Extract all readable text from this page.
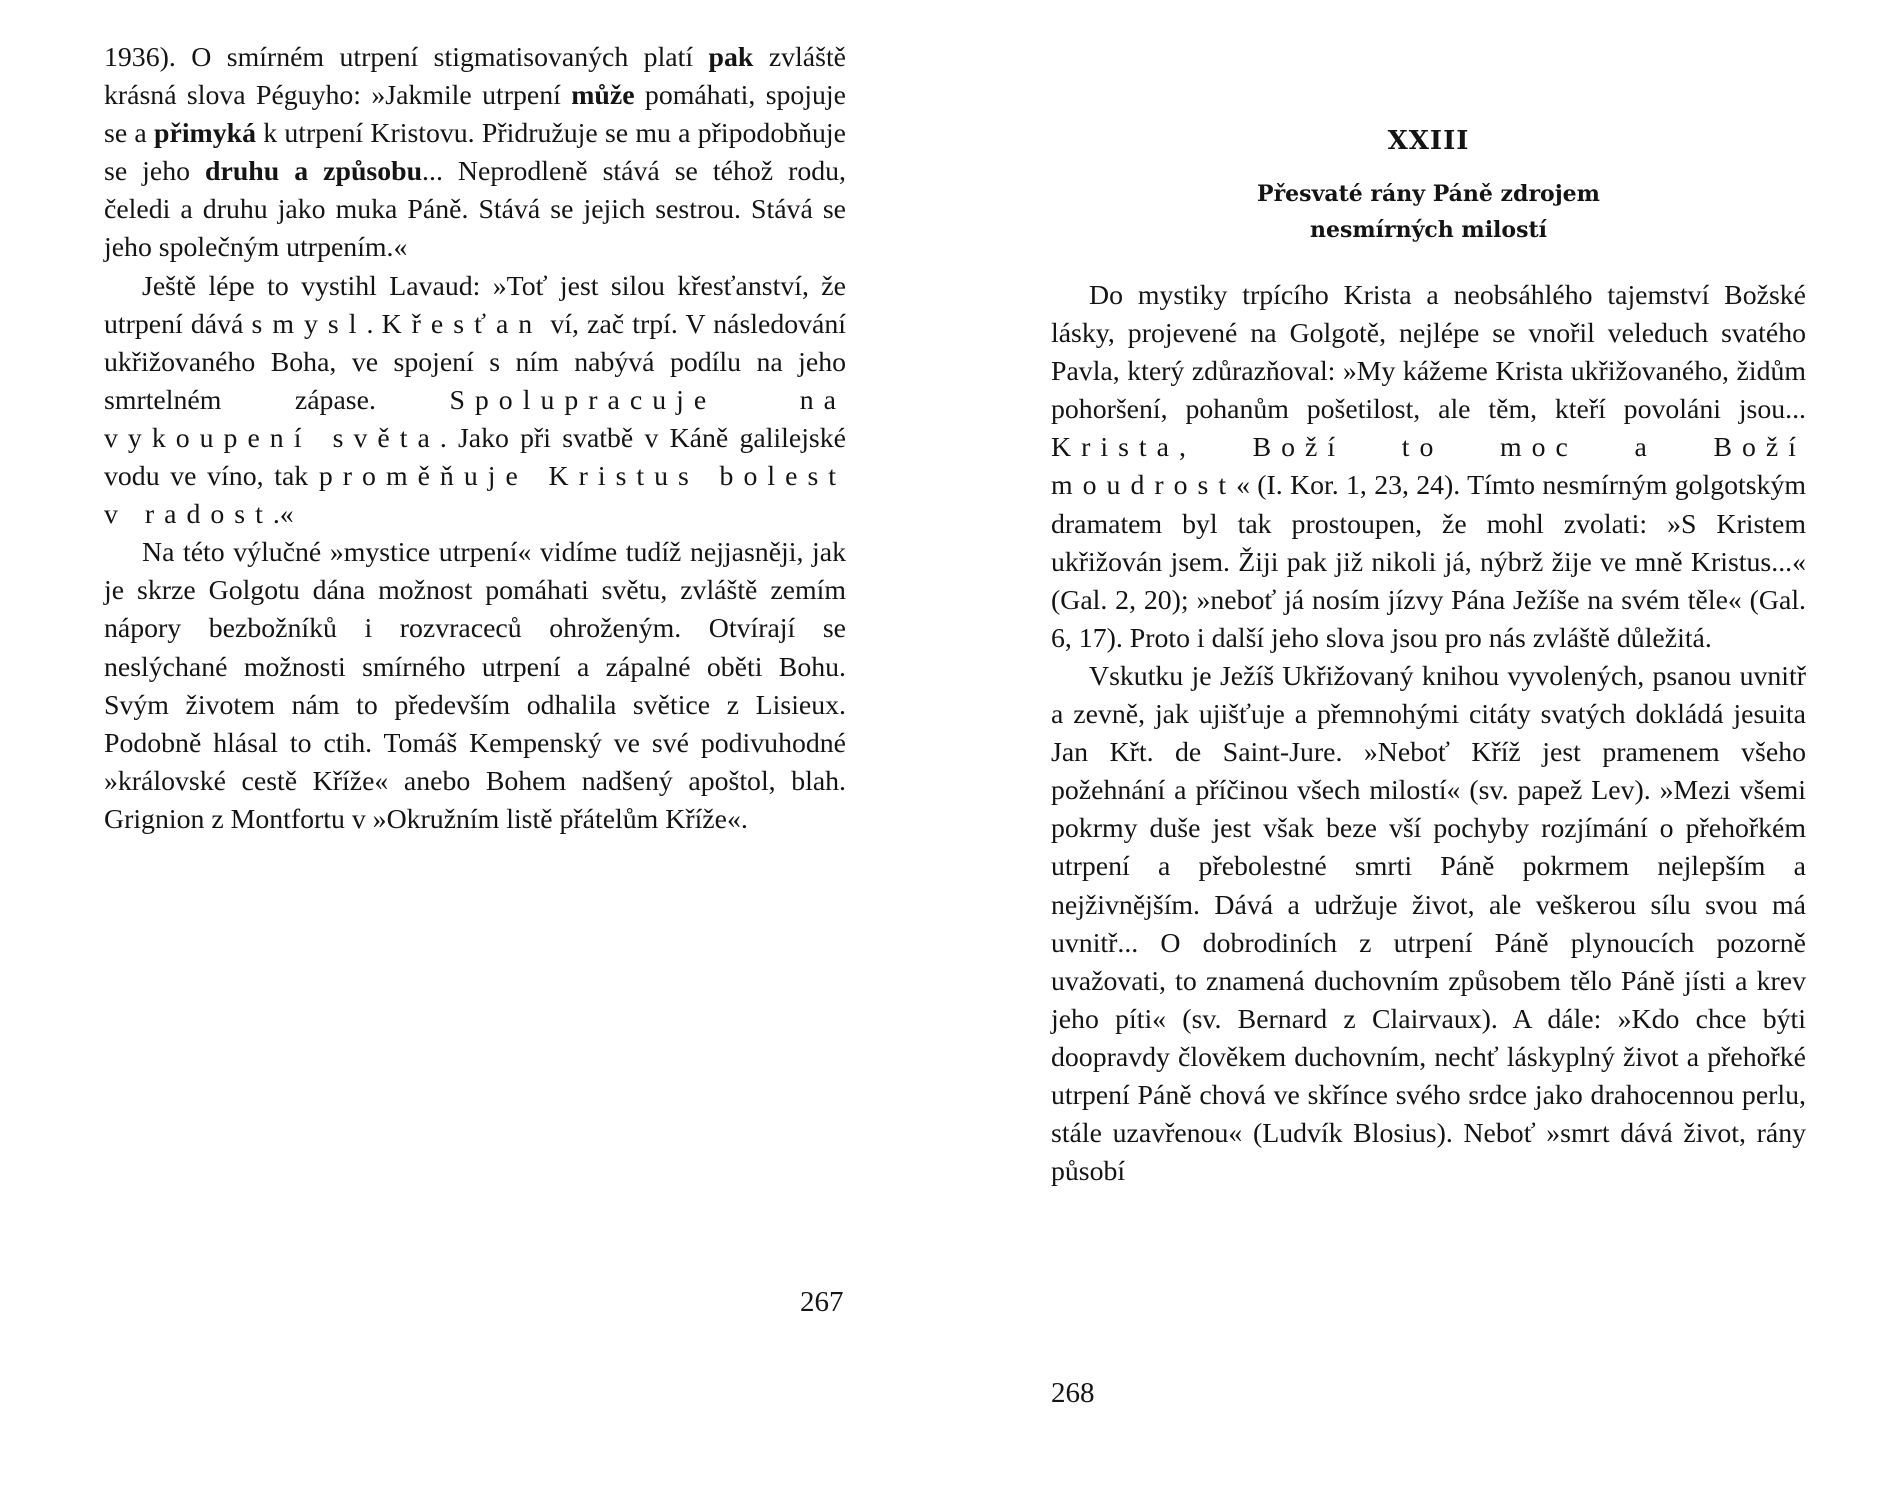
1936). O smírném utrpení stigmatisovaných platí pak zvláště krásná slova Péguyho: »Jakmile utrpení může pomáhati, spojuje se a přimyká k utrpení Kristovu. Přidružuje se mu a připodobňuje se jeho druhu a způsobu... Neprodleně stává se téhož rodu, čeledi a druhu jako muka Páně. Stává se jejich sestrou. Stává se jeho společným utrpením.«

Ještě lépe to vystihl Lavaud: »Toť jest silou křesťanství, že utrpení dává smysl. Křesťan ví, zač trpí. V následování ukřižovaného Boha, ve spojení s ním nabývá podílu na jeho smrtelném zápase. Spolupracuje na vykoupení světa. Jako při svatbě v Káně galilejské vodu ve víno, tak proměňuje Kristus bolest v radost.«

Na této výlučné »mystice utrpení« vidíme tudíž nejjasněji, jak je skrze Golgotu dána možnost pomáhati světu, zvláště zemím nápory bezbožníků i rozvraceců ohroženým. Otvírají se neslýchané možnosti smírného utrpení a zápalné oběti Bohu. Svým životem nám to především odhalila světice z Lisieux. Podobně hlásal to ctih. Tomáš Kempenský ve své podivuhodné »královské cestě Kříže« anebo Bohem nadšený apoštol, blah. Grignion z Montfortu v »Okružním listě přátelům Kříže«.

267
XXIII
Přesvaté rány Páně zdrojem
nesmírných milostí

Do mystiky trpícího Krista a neobsáhlého tajemství Božské lásky, projevené na Golgotě, nejlépe se vnořil veleduch svatého Pavla, který zdůrazňoval: »My kážeme Krista ukřižovaného, židům pohoršení, pohanům pošetilost, ale těm, kteří povoláni jsou... Krista, Boží to moc a Boží moudrost« (I. Kor. 1, 23, 24). Tímto nesmírným golgotským dramatem byl tak prostoupen, že mohl zvolati: »S Kristem ukřižován jsem. Žiji pak již nikoli já, nýbrž žije ve mně Kristus...« (Gal. 2, 20); »neboť já nosím jízvy Pána Ježíše na svém těle« (Gal. 6, 17). Proto i další jeho slova jsou pro nás zvláště důležitá.

Vskutku je Ježíš Ukřižovaný knihou vyvolených, psanou uvnitř a zevně, jak ujišťuje a přemnohými citáty svatých dokládá jesuita Jan Křt. de Saint-Jure. »Neboť Kříž jest pramenem všeho požehnání a příčinou všech milostí« (sv. papež Lev). »Mezi všemi pokrmy duše jest však beze vší pochyby rozjímání o přehořkém utrpení a přebolestné smrti Páně pokrmem nejlepším a nejživnějším. Dává a udržuje život, ale veškerou sílu svou má uvnitř... O dobrodiních z utrpení Páně plynoucích pozorně uvažovati, to znamená duchovním způsobem tělo Páně jísti a krev jeho píti« (sv. Bernard z Clairvaux). A dále: »Kdo chce býti doopravdy člověkem duchovním, nechť láskyplný život a přehořké utrpení Páně chová ve skřínce svého srdce jako drahocennou perlu, stále uzavřenou« (Ludvík Blosius). Neboť »smrt dává život, rány působí

268
